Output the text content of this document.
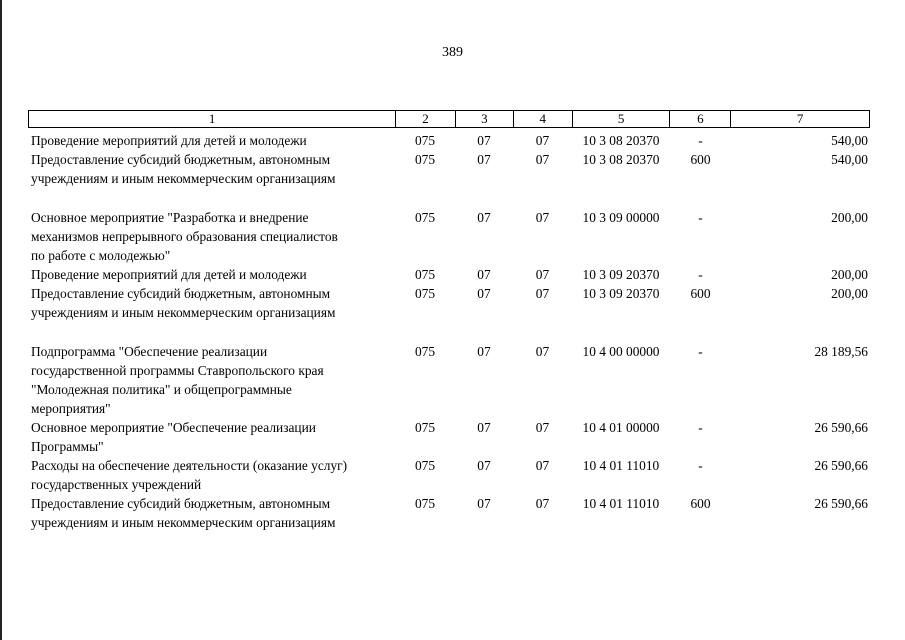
389
1	2	3	4	5	6	7
Проведение мероприятий для детей и молодежи	075	07	07	10 3 08 20370	-	540,00
Предоставление субсидий бюджетным, автономным
учреждениям и иным некоммерческим организациям
075	07	07	10 3 08 20370	600	540,00
Основное мероприятие "Разработка и внедрение
механизмов непрерывного образования специалистов
по работе с молодежью"
075	07	07	10 3 09 00000	-	200,00
Проведение мероприятий для детей и молодежи	075	07	07	10 3 09 20370	-	200,00
Предоставление субсидий бюджетным, автономным
учреждениям и иным некоммерческим организациям
075	07	07	10 3 09 20370	600	200,00
Подпрограмма "Обеспечение реализации
государственной программы Ставропольского края
"Молодежная политика" и общепрограммные
мероприятия"
075	07	07	10 4 00 00000	-	28 189,56
Основное мероприятие "Обеспечение реализации
Программы"
075	07	07	10 4 01 00000	-	26 590,66
Расходы на обеспечение деятельности (оказание услуг)
государственных учреждений
075	07	07	10 4 01 11010	-	26 590,66
Предоставление субсидий бюджетным, автономным
учреждениям и иным некоммерческим организациям
075	07	07	10 4 01 11010	600	26 590,66
